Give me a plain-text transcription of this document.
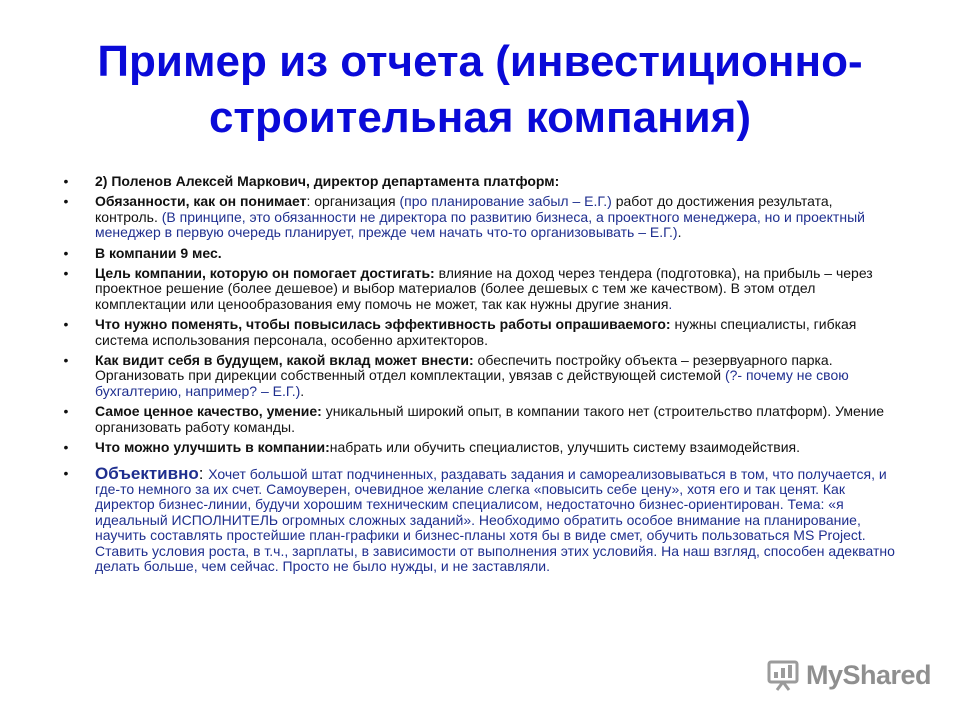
Пример из отчета (инвестиционно-
строительная компания)
• 2) Поленов Алексей Маркович, директор департамента платформ:
• Обязанности, как он понимает: организация (про планирование забыл – Е.Г.) работ до достижения результата, контроль. (В принципе, это обязанности не директора по развитию бизнеса, а проектного менеджера, но и проектный менеджер в первую очередь планирует, прежде чем начать что-то организовывать – Е.Г.).
• В компании 9 мес.
• Цель компании, которую он помогает достигать: влияние на доход через тендера (подготовка), на прибыль – через проектное решение (более дешевое) и выбор материалов (более дешевых с тем же качеством). В этом отдел комплектации или ценообразования ему помочь не может, так как нужны другие знания.
• Что нужно поменять, чтобы повысилась эффективность работы опрашиваемого: нужны специалисты, гибкая система использования персонала, особенно архитекторов.
• Как видит себя в будущем, какой вклад может внести: обеспечить постройку объекта – резервуарного парка. Организовать при дирекции собственный отдел комплектации, увязав с действующей системой (?- почему не свою бухгалтерию, например? – Е.Г.).
• Самое ценное качество, умение: уникальный широкий опыт, в компании такого нет (строительство платформ). Умение организовать работу команды.
• Что можно улучшить в компании:набрать или обучить специалистов, улучшить систему взаимодействия.
• Объективно: Хочет большой штат подчиненных, раздавать задания и самореализовываться в том, что получается, и где-то немного за их счет. Самоуверен, очевидное желание слегка «повысить себе цену», хотя его и так ценят. Как директор бизнес-линии, будучи хорошим техническим специалисом, недостаточно бизнес-ориентирован. Тема: «я идеальный ИСПОЛНИТЕЛЬ огромных сложных заданий». Необходимо обратить особое внимание на планирование, научить составлять простейшие план-графики и бизнес-планы хотя бы в виде смет, обучить пользоваться MS Project. Ставить условия роста, в т.ч., зарплаты, в зависимости от выполнения этих условийя. На наш взгляд, способен адекватно делать больше, чем сейчас. Просто не было нужды, и не заставляли.
MyShared
